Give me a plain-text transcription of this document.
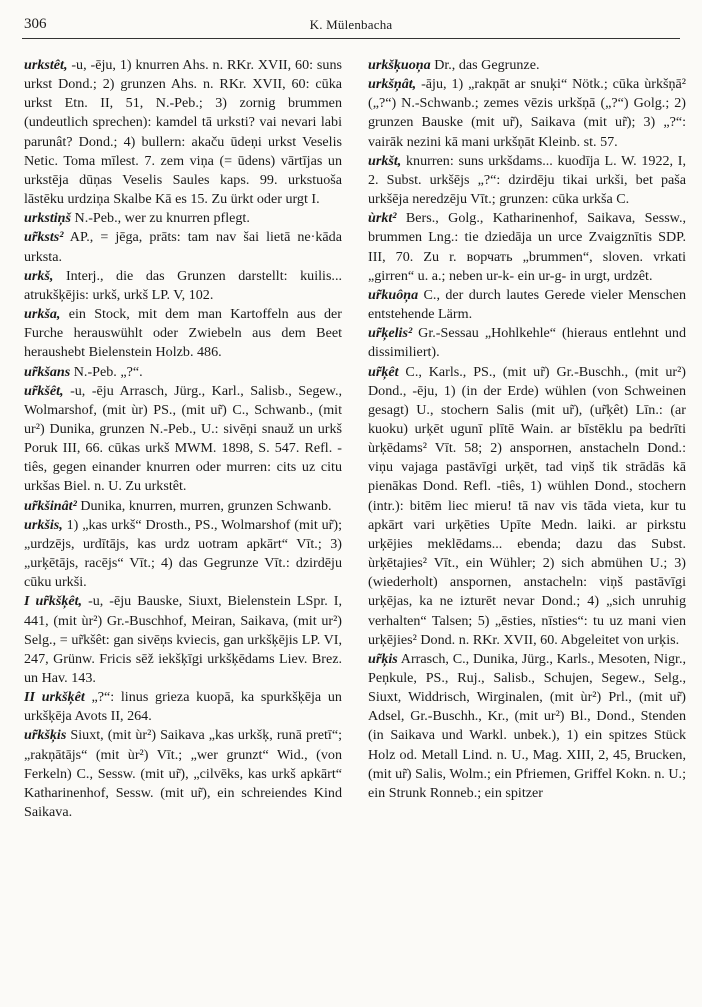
306	K. Mülenbacha

urkstêt, -u, -ēju, 1) knurren Ahs. n. RKr. XVII, 60: suns urkst Dond.; 2) grunzen Ahs. n. RKr. XVII, 60: cūka urkst Etn. II, 51, N.-Peb.; 3) zornig brummen (undeutlich sprechen): kamdel tā urksti? vai nevari labi parunât? Dond.; 4) bullern: akaču ūdeņi urkst Veselis Netic. Toma mīlest. 7. zem viņa (= ūdens) vārtījas un urkstēja dūņas Veselis Saules kaps. 99. urkstuoša lāstēku urdziņa Skalbe Kā es 15. Zu ürkt oder urgt I.

urkstiņš N.-Peb., wer zu knurren pflegt.

ur̃ksts² AP., = jēga, prāts: tam nav šai lietā ne·kāda urksta.

urkš, Interj., die das Grunzen darstellt: kuilis... atrukšķējis: urkš, urkš LP. V, 102.

urkša, ein Stock, mit dem man Kartoffeln aus der Furche herauswühlt oder Zwiebeln aus dem Beet heraushebt Bielenstein Holzb. 486.

ur̃kšans N.-Peb. „?“.

ur̃kšêt, -u, -ēju Arrasch, Jürg., Karl., Salisb., Segew., Wolmarshof, (mit ùr) PS., (mit ur̃) C., Schwanb., (mit ur²) Dunika, grunzen N.-Peb., U.: sivēņi snauž un urkš Poruk III, 66. cūkas urkš MWM. 1898, S. 547. Refl. -tiês, gegen einander knurren oder murren: cits uz citu urkšas Biel. n. U. Zu urkstêt.

ur̃kšinât² Dunika, knurren, murren, grunzen Schwanb.

urkšis, 1) „kas urkš“ Drosth., PS., Wolmarshof (mit ur̃); „urdzējs, urdītājs, kas urdz uotram apkārt“ Vīt.; 3) „urķētājs, racējs“ Vīt.; 4) das Gegrunze Vīt.: dzirdēju cūku urkši.

I ur̃kšķêt, -u, -ēju Bauske, Siuxt, Bielenstein LSpr. I, 441, (mit ùr²) Gr.-Buschhof, Meiran, Saikava, (mit ur²) Selg., = ur̃kšêt: gan sivēņs kviecis, gan urkšķējis LP. VI, 247, Grünw. Fricis sēž iekšķīgi urkšķēdams Liev. Brez. un Hav. 143.

II urkšķêt „?“: linus grieza kuopā, ka spurkšķēja un urkšķēja Avots II, 264.

ur̃kšķis Siuxt, (mit ùr²) Saikava „kas urkšķ, runā pretī“; „rakņātājs“ (mit ùr²) Vīt.; „wer grunzt“ Wid., (von Ferkeln) C., Sessw. (mit ur̃), „cilvēks, kas urkš apkārt“ Katharinenhof, Sessw. (mit ur̃), ein schreiendes Kind Saikava.

urkšķuoņa Dr., das Gegrunze.

urkšņât, -āju, 1) „rakņāt ar snuķi“ Nötk.; cūka ùrkšņā² („?“) N.-Schwanb.; zemes vēzis urkšņā („?“) Golg.; 2) grunzen Bauske (mit ur̃), Saikava (mit ur̃); 3) „?“: vairāk nezini kā mani urkšņāt Kleinb. st. 57.

urkšt, knurren: suns urkšdams... kuodīja L. W. 1922, I, 2. Subst. urkšējs „?“: dzirdēju tikai urkši, bet paša urkšēja neredzēju Vīt.; grunzen: cūka urkša C.

ùrkt² Bers., Golg., Katharinenhof, Saikava, Sessw., brummen Lng.: tie dziedāja un urce Zvaigznītis SDP. III, 70. Zu r. ворчать „brummen“, sloven. vrkati „girren“ u. a.; neben ur-k- ein ur-g- in urgt, urdzêt.

ur̃kuôņa C., der durch lautes Gerede vieler Menschen entstehende Lärm.

ur̃ķelis² Gr.-Sessau „Hohlkehle“ (hieraus entlehnt und dissimiliert).

ur̃ķêt C., Karls., PS., (mit ur̃) Gr.-Buschh., (mit ur²) Dond., -ēju, 1) (in der Erde) wühlen (von Schweinen gesagt) U., stochern Salis (mit ur̃), (ur̃ķêt) Līn.: (ar kuoku) urķēt ugunī plītē Wain. ar bīstēklu pa bedrīti ùrķēdams² Vīt. 58; 2) ansporнen, anstacheln Dond.: viņu vajaga pastāvīgi urķēt, tad viņš tik strādās kā pienākas Dond. Refl. -tiês, 1) wühlen Dond., stochern (intr.): bitēm liec mieru! tā nav vis tāda vieta, kur tu apkārt vari urķēties Upīte Medn. laiki. ar pirkstu urķējies meklēdams... ebenda; dazu das Subst. ùrķētajies² Vīt., ein Wühler; 2) sich abmühen U.; 3) (wiederholt) anspornen, anstacheln: viņš pastāvīgi urķējas, ka ne izturēt nevar Dond.; 4) „sich unruhig verhalten“ Talsen; 5) „ēsties, nīsties“: tu uz mani vien urķējies² Dond. n. RKr. XVII, 60. Abgeleitet von urķis.

ur̃ķis Arrasch, C., Dunika, Jürg., Karls., Mesoten, Nigr., Peņkule, PS., Ruj., Salisb., Schujen, Segew., Selg., Siuxt, Widdrisch, Wirginalen, (mit ùr²) Prl., (mit ur̃) Adsel, Gr.-Buschh., Kr., (mit ur²) Bl., Dond., Stenden (in Saikava und Warkl. unbek.), 1) ein spitzes Stück Holz od. Metall Lind. n. U., Mag. XIII, 2, 45, Brucken, (mit ur̃) Salis, Wolm.; ein Pfriemen, Griffel Kokn. n. U.; ein Strunk Ronneb.; ein spitzer
